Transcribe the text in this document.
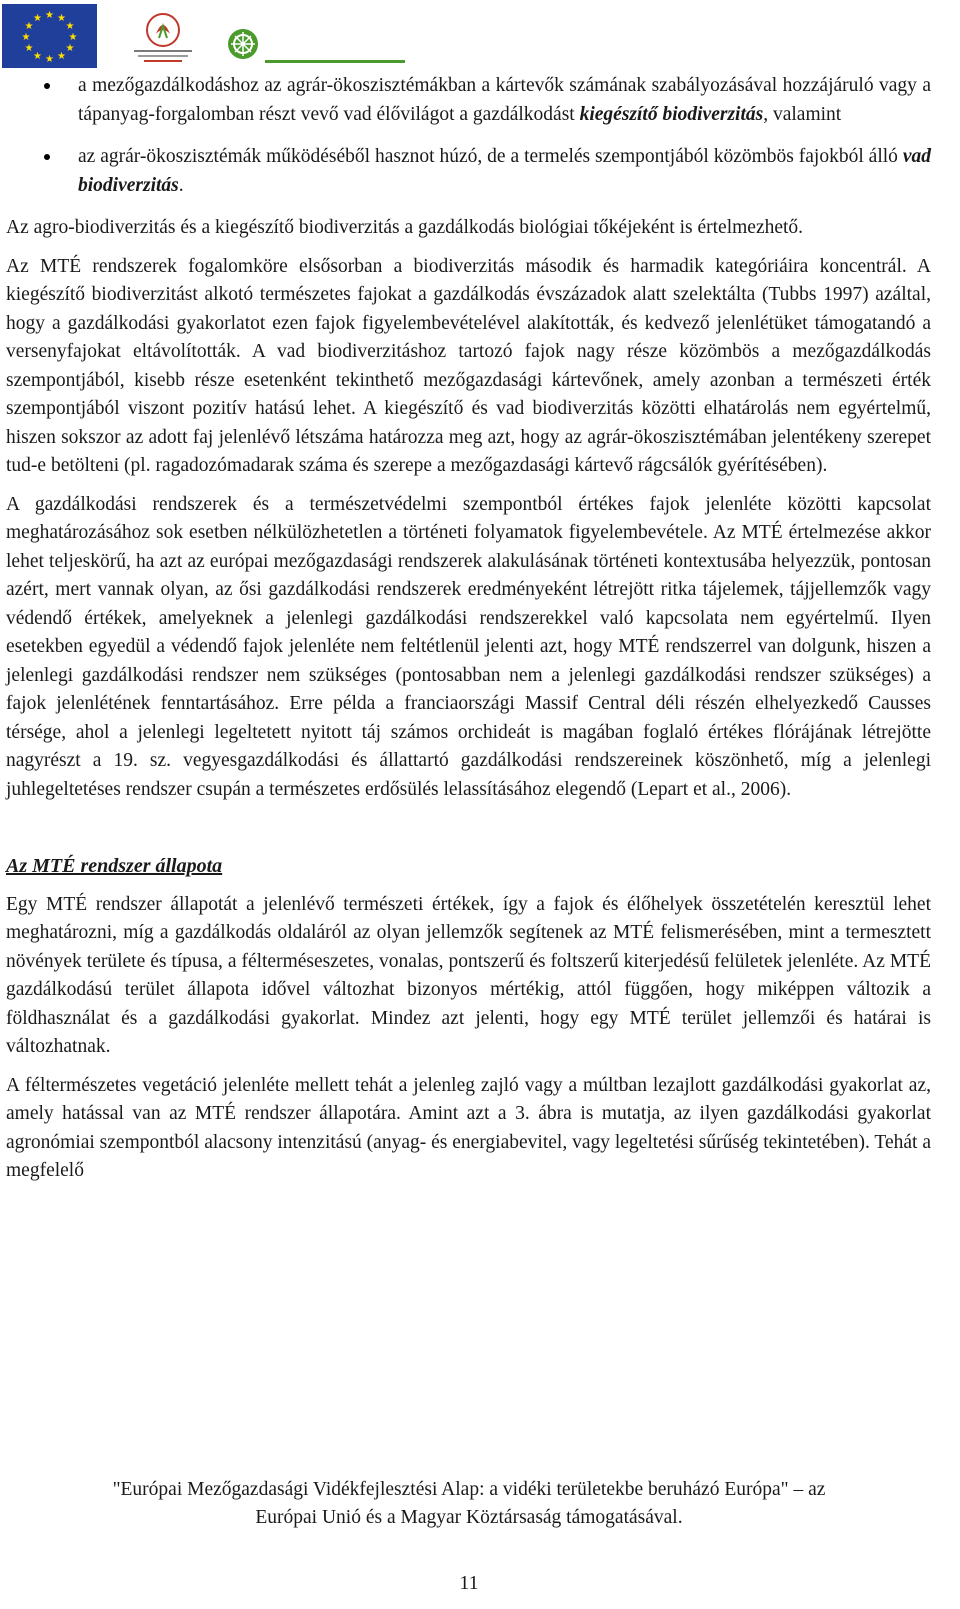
★ ★
★
★
★
★
★
★
★
★
★
★
a mezőgazdálkodáshoz az agrár-ökoszisztémákban a kártevők számának szabályozásával hozzájáruló vagy a tápanyag-forgalomban részt vevő vad élővilágot a gazdálkodást kiegészítő biodiverzitás, valamint
az agrár-ökoszisztémák működéséből hasznot húzó, de a termelés szempontjából közömbös fajokból álló vad biodiverzitás.

Az agro-biodiverzitás és a kiegészítő biodiverzitás a gazdálkodás biológiai tőkéjeként is értelmezhető.

Az MTÉ rendszerek fogalomköre elsősorban a biodiverzitás második és harmadik kategóriáira koncentrál. A kiegészítő biodiverzitást alkotó természetes fajokat a gazdálkodás évszázadok alatt szelektálta (Tubbs 1997) azáltal, hogy a gazdálkodási gyakorlatot ezen fajok figyelembevételével alakították, és kedvező jelenlétüket támogatandó a versenyfajokat eltávolították. A vad biodiverzitáshoz tartozó fajok nagy része közömbös a mezőgazdálkodás szempontjából, kisebb része esetenként tekinthető mezőgazdasági kártevőnek, amely azonban a természeti érték szempontjából viszont pozitív hatású lehet. A kiegészítő és vad biodiverzitás közötti elhatárolás nem egyértelmű, hiszen sokszor az adott faj jelenlévő létszáma határozza meg azt, hogy az agrár-ökoszisztémában jelentékeny szerepet tud-e betölteni (pl. ragadozómadarak száma és szerepe a mezőgazdasági kártevő rágcsálók gyérítésében).

A gazdálkodási rendszerek és a természetvédelmi szempontból értékes fajok jelenléte közötti kapcsolat meghatározásához sok esetben nélkülözhetetlen a történeti folyamatok figyelembevétele. Az MTÉ értelmezése akkor lehet teljeskörű, ha azt az európai mezőgazdasági rendszerek alakulásának történeti kontextusába helyezzük, pontosan azért, mert vannak olyan, az ősi gazdálkodási rendszerek eredményeként létrejött ritka tájelemek, tájjellemzők vagy védendő értékek, amelyeknek a jelenlegi gazdálkodási rendszerekkel való kapcsolata nem egyértelmű. Ilyen esetekben egyedül a védendő fajok jelenléte nem feltétlenül jelenti azt, hogy MTÉ rendszerrel van dolgunk, hiszen a jelenlegi gazdálkodási rendszer nem szükséges (pontosabban nem a jelenlegi gazdálkodási rendszer szükséges) a fajok jelenlétének fenntartásához. Erre példa a franciaországi Massif Central déli részén elhelyezkedő Causses térsége, ahol a jelenlegi legeltetett nyitott táj számos orchideát is magában foglaló értékes flórájának létrejötte nagyrészt a 19. sz. vegyesgazdálkodási és állattartó gazdálkodási rendszereinek köszönhető, míg a jelenlegi juhlegeltetéses rendszer csupán a természetes erdősülés lelassításához elegendő (Lepart et al., 2006).

Az MTÉ rendszer állapota

Egy MTÉ rendszer állapotát a jelenlévő természeti értékek, így a fajok és élőhelyek összetételén keresztül lehet meghatározni, míg a gazdálkodás oldaláról az olyan jellemzők segítenek az MTÉ felismerésében, mint a termesztett növények területe és típusa, a félterméseszetes, vonalas, pontszerű és foltszerű kiterjedésű felületek jelenléte. Az MTÉ gazdálkodású terület állapota idővel változhat bizonyos mértékig, attól függően, hogy miképpen változik a földhasználat és a gazdálkodási gyakorlat. Mindez azt jelenti, hogy egy MTÉ terület jellemzői és határai is változhatnak.

A féltermészetes vegetáció jelenléte mellett tehát a jelenleg zajló vagy a múltban lezajlott gazdálkodási gyakorlat az, amely hatással van az MTÉ rendszer állapotára. Amint azt a 3. ábra is mutatja, az ilyen gazdálkodási gyakorlat agronómiai szempontból alacsony intenzitású (anyag- és energiabevitel, vagy legeltetési sűrűség tekintetében). Tehát a megfelelő

"Európai Mezőgazdasági Vidékfejlesztési Alap: a vidéki területekbe beruházó Európa" – az
Európai Unió és a Magyar Köztársaság támogatásával.
11
